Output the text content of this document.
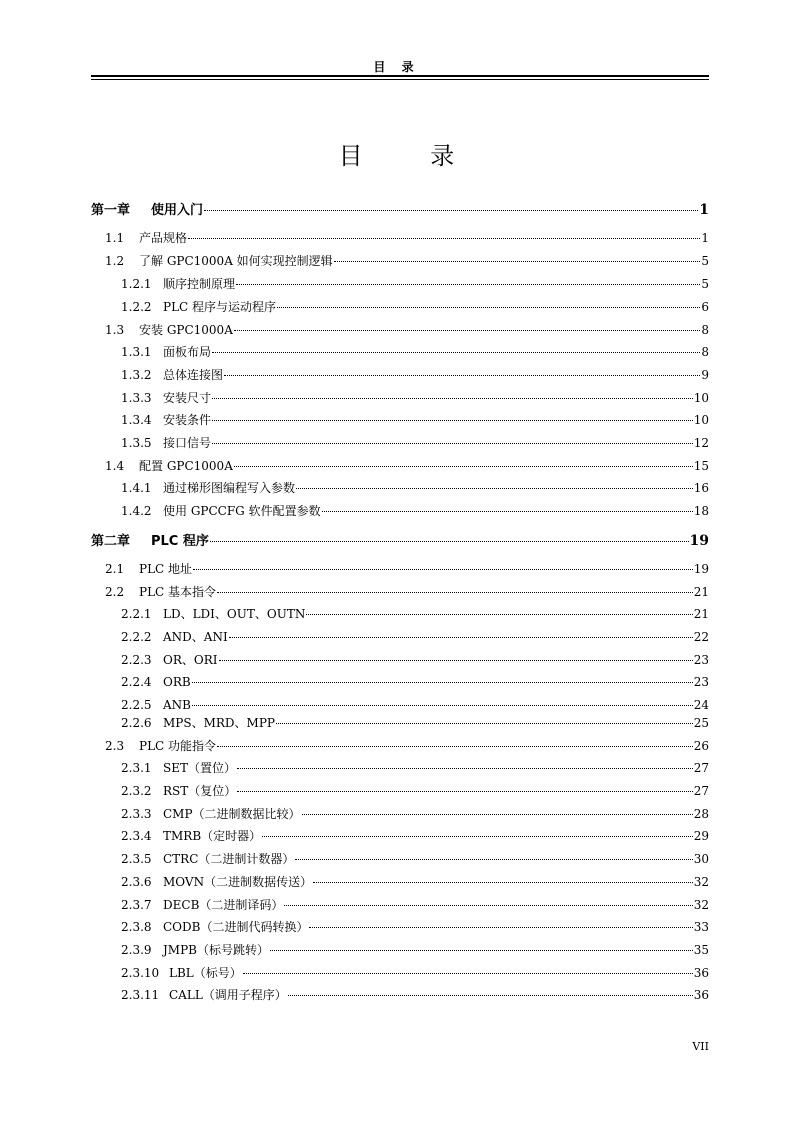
目 录
目 录
第一章	使用入门	1
1.1	产品规格	1
1.2	了解 GPC1000A 如何实现控制逻辑	5
1.2.1 顺序控制原理	5
1.2.2 PLC 程序与运动程序	6
1.3	安装 GPC1000A	8
1.3.1 面板布局	8
1.3.2 总体连接图	9
1.3.3 安装尺寸	10
1.3.4 安装条件	10
1.3.5 接口信号	12
1.4	配置 GPC1000A	15
1.4.1 通过梯形图编程写入参数	16
1.4.2 使用 GPCCFG 软件配置参数	18
第二章	PLC 程序	19
2.1	PLC 地址	19
2.2	PLC 基本指令	21
2.2.1 LD、LDI、OUT、OUTN	21
2.2.2 AND、ANI	22
2.2.3 OR、ORI	23
2.2.4 ORB	23
2.2.5 ANB	24
2.2.6 MPS、MRD、MPP	25
2.3	PLC 功能指令	26
2.3.1 SET（置位）	27
2.3.2 RST（复位）	27
2.3.3 CMP（二进制数据比较）	28
2.3.4 TMRB（定时器）	29
2.3.5 CTRC（二进制计数器）	30
2.3.6 MOVN（二进制数据传送）	32
2.3.7 DECB（二进制译码）	32
2.3.8 CODB（二进制代码转换）	33
2.3.9 JMPB（标号跳转）	35
2.3.10 LBL（标号）	36
2.3.11 CALL（调用子程序）	36
VII
